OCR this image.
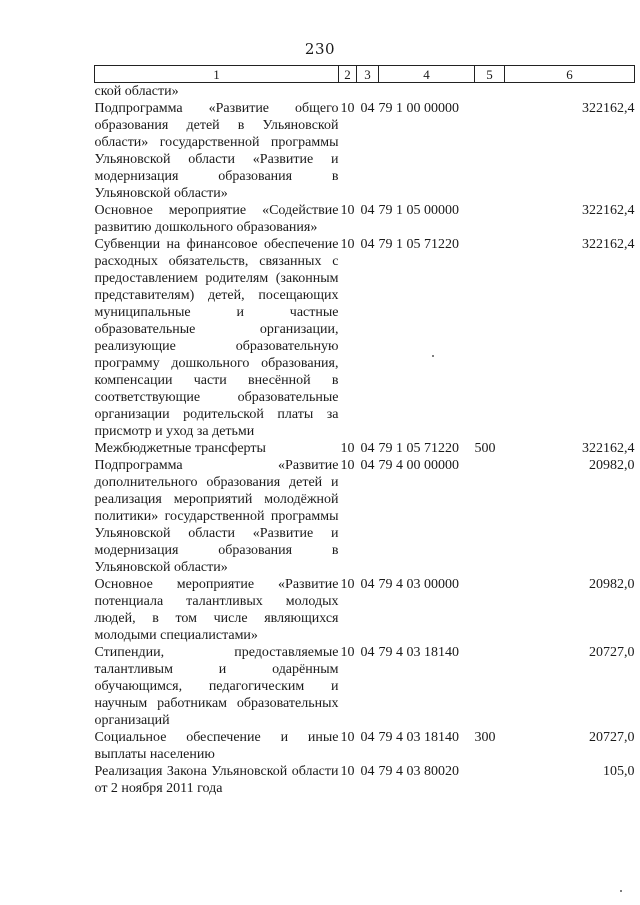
230
1	2	3	4	5	6
ской области»					
Подпрограмма «Развитие общего образования детей в Ульяновской области» государственной программы Ульяновской области «Развитие и модернизация образования в Ульяновской области»	10	04	79 1 00 00000		322162,4
Основное мероприятие «Содействие развитию дошкольного образования»	10	04	79 1 05 00000		322162,4
Субвенции на финансовое обеспечение расходных обязательств, связанных с предоставлением родителям (законным представителям) детей, посещающих муниципальные и частные образовательные организации, реализующие образовательную программу дошкольного образования, компенсации части внесённой в соответствующие образовательные организации родительской платы за присмотр и уход за детьми	10	04	79 1 05 71220		322162,4
Межбюджетные трансферты	10	04	79 1 05 71220	500	322162,4
Подпрограмма «Развитие дополнительного образования детей и реализация мероприятий молодёжной политики» государственной программы Ульяновской области «Развитие и модернизация образования в Ульяновской области»	10	04	79 4 00 00000		20982,0
Основное мероприятие «Развитие потенциала талантливых молодых людей, в том числе являющихся молодыми специалистами»	10	04	79 4 03 00000		20982,0
Стипендии, предоставляемые талантливым и одарённым обучающимся, педагогическим и научным работникам образовательных организаций	10	04	79 4 03 18140		20727,0
Социальное обеспечение и иные выплаты населению	10	04	79 4 03 18140	300	20727,0
Реализация Закона Ульяновской области от 2 ноября 2011 года	10	04	79 4 03 80020		105,0
